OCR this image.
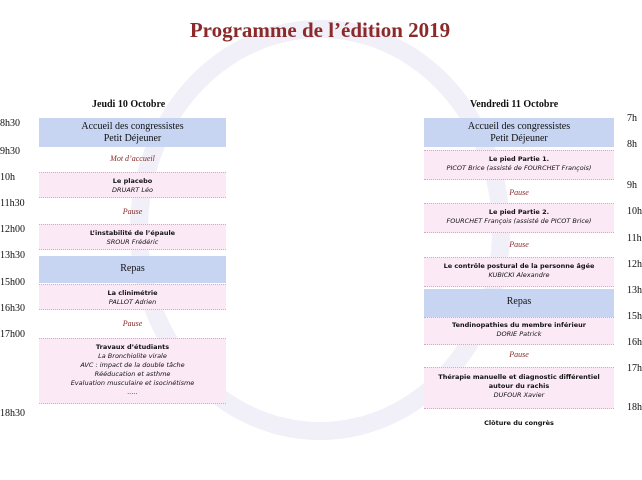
Programme de l’édition 2019
Jeudi 10 Octobre
8h30
9h30
10h
11h30
12h00
13h30
15h00
16h30
17h00
18h30
Accueil des congressistes
Petit Déjeuner
Mot d’accueil
Le placebo
DRUART Léo
Pause
L’instabilité de l’épaule
SROUR Frédéric
Repas
La clinimétrie
PALLOT Adrien
Pause
Travaux d’étudiants
La Bronchiolite virale
AVC : impact de la double tâche
Rééducation et asthme
Evaluation musculaire et isocinétisme
.....
Vendredi 11 Octobre
7h
8h
9h
10h
11h
12h
13h
15h
16h
17h
18h
Accueil des congressistes
Petit Déjeuner
Le pied Partie 1.
PICOT Brice (assisté de FOURCHET François)
Pause
Le pied Partie 2.
FOURCHET François (assisté de PICOT Brice)
Pause
Le contrôle postural de la personne âgée
KUBICKI Alexandre
Repas
Tendinopathies du membre inférieur
DORIE Patrick
Pause
Thérapie manuelle et diagnostic différentiel
autour du rachis
DUFOUR Xavier
Clôture du congrès
